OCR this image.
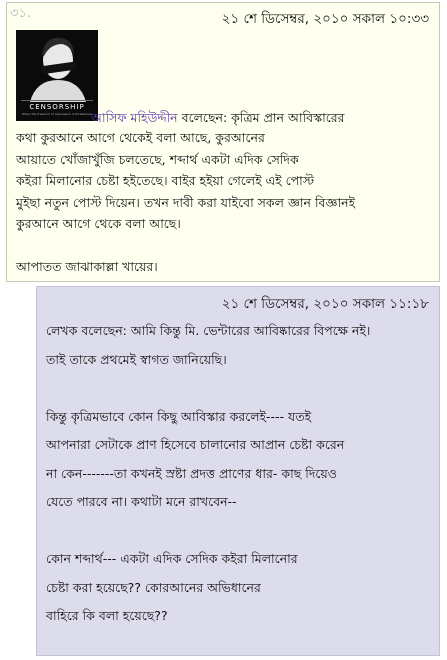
৩১.	২১ শে ডিসেম্বর, ২০১০ সকাল ১০:৩৩
CENSORSHIP
When the freedom of expression is threatened আসিফ মহিউদ্দীন বলেছেন: কৃত্রিম প্রান আবিস্কারের

কথা কুরআনে আগে থেকেই বলা আছে, কুরআনের

আয়াতে খোঁজাখুঁজি চলতেছে, শব্দার্থ একটা এদিক সেদিক

কইরা মিলানোর চেষ্টা হইতেছে। বাইর হইয়া গেলেই এই পোস্ট

মুইছা নতুন পোস্ট দিয়েন। তখন দাবী করা যাইবো সকল জ্ঞান বিজ্ঞানই

কুরআনে আগে থেকে বলা আছে।

আপাতত জাঝাকাল্লা খায়ের।

২১ শে ডিসেম্বর, ২০১০ সকাল ১১:১৮

লেখক বলেছেন: আমি কিন্তু মি. ভেন্টারের আবিষ্কারের বিপক্ষে নই।

তাই তাকে প্রথমেই স্বাগত জানিয়েছি।

কিন্তু কৃত্রিমভাবে কোন কিছু আবিস্কার করলেই---- যতই

আপনারা সেটাকে প্রাণ হিসেবে চালানোর আপ্রান চেষ্টা করেন

না কেন-------তা কখনই স্রষ্টা প্রদত্ত প্রাণের ধার- কাছ দিয়েও

যেতে পারবে না। কথাটা মনে রাখবেন--

কোন শব্দার্থ--- একটা এদিক সেদিক কইরা মিলানোর

চেষ্টা করা হয়েছে?? কোরআনের অভিধানের

বাহিরে কি বলা হয়েছে??
